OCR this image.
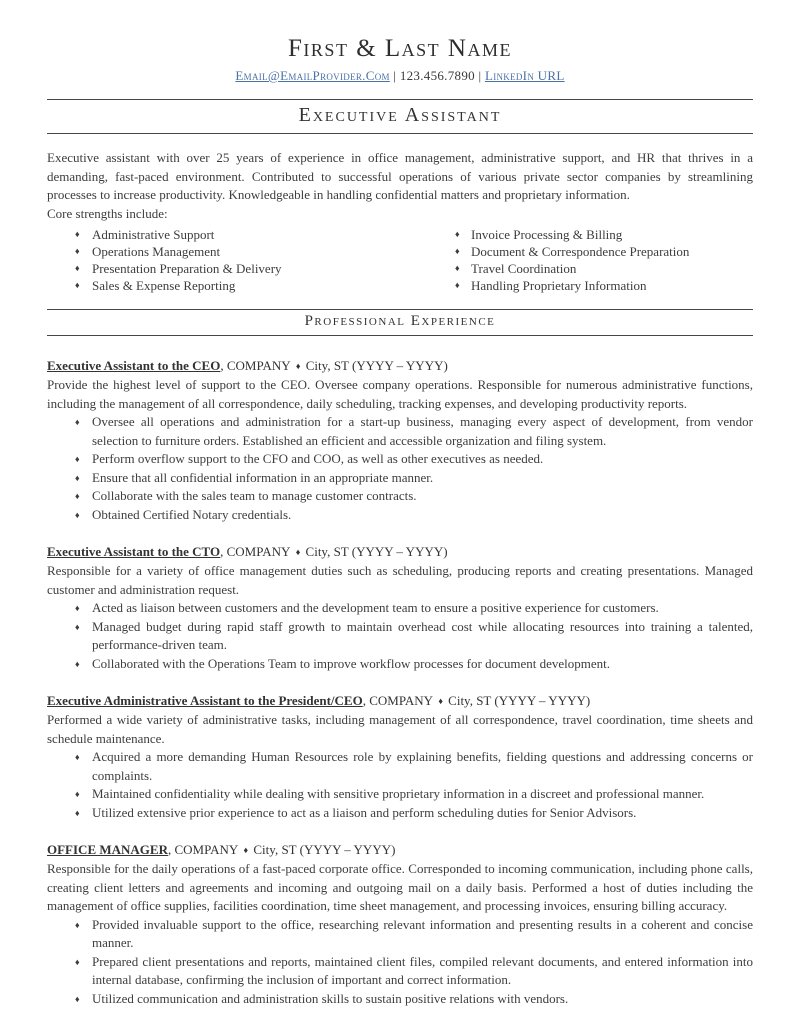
First & Last Name
Email@EmailProvider.Com | 123.456.7890 | LinkedIn URL
Executive Assistant

Executive assistant with over 25 years of experience in office management, administrative support, and HR that thrives in a demanding, fast-paced environment. Contributed to successful operations of various private sector companies by streamlining processes to increase productivity. Knowledgeable in handling confidential matters and proprietary information.

Core strengths include:

♦ Administrative Support
♦ Operations Management
♦ Presentation Preparation & Delivery
♦ Sales & Expense Reporting
♦ Invoice Processing & Billing
♦ Document & Correspondence Preparation
♦ Travel Coordination
♦ Handling Proprietary Information
Professional Experience
Executive Assistant to the CEO, COMPANY ♦ City, ST (YYYY – YYYY)

Provide the highest level of support to the CEO. Oversee company operations. Responsible for numerous administrative functions, including the management of all correspondence, daily scheduling, tracking expenses, and developing productivity reports.

♦ Oversee all operations and administration for a start-up business, managing every aspect of development, from vendor selection to furniture orders. Established an efficient and accessible organization and filing system.
♦ Perform overflow support to the CFO and COO, as well as other executives as needed.
♦ Ensure that all confidential information in an appropriate manner.
♦ Collaborate with the sales team to manage customer contracts.
♦ Obtained Certified Notary credentials.
Executive Assistant to the CTO, COMPANY ♦ City, ST (YYYY – YYYY)

Responsible for a variety of office management duties such as scheduling, producing reports and creating presentations. Managed customer and administration request.

♦ Acted as liaison between customers and the development team to ensure a positive experience for customers.
♦ Managed budget during rapid staff growth to maintain overhead cost while allocating resources into training a talented, performance-driven team.
♦ Collaborated with the Operations Team to improve workflow processes for document development.
Executive Administrative Assistant to the President/CEO, COMPANY ♦ City, ST (YYYY – YYYY)

Performed a wide variety of administrative tasks, including management of all correspondence, travel coordination, time sheets and schedule maintenance.

♦ Acquired a more demanding Human Resources role by explaining benefits, fielding questions and addressing concerns or complaints.
♦ Maintained confidentiality while dealing with sensitive proprietary information in a discreet and professional manner.
♦ Utilized extensive prior experience to act as a liaison and perform scheduling duties for Senior Advisors.
OFFICE MANAGER, COMPANY ♦ City, ST (YYYY – YYYY)

Responsible for the daily operations of a fast-paced corporate office. Corresponded to incoming communication, including phone calls, creating client letters and agreements and incoming and outgoing mail on a daily basis. Performed a host of duties including the management of office supplies, facilities coordination, time sheet management, and processing invoices, ensuring billing accuracy.

♦ Provided invaluable support to the office, researching relevant information and presenting results in a coherent and concise manner.
♦ Prepared client presentations and reports, maintained client files, compiled relevant documents, and entered information into internal database, confirming the inclusion of important and correct information.
♦ Utilized communication and administration skills to sustain positive relations with vendors.
